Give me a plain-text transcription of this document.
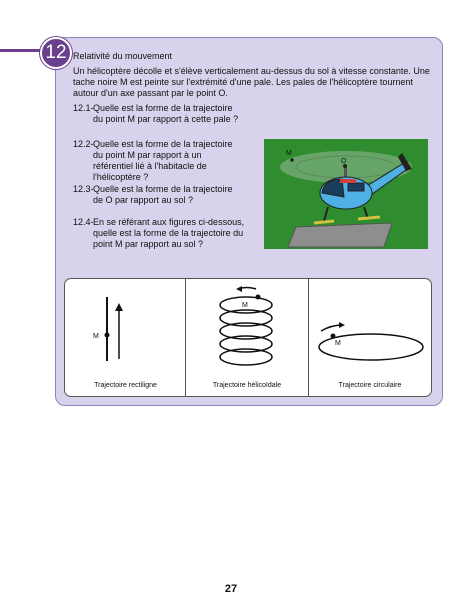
12 Relativité du mouvement
Un hélicoptère décolle et s'élève verticalement au-dessus du sol à vitesse constante. Une tache noire M est peinte sur l'extrémité d'une pale. Les pales de l'hélicoptère tournent autour d'un axe passant par le point O.
12.1-Quelle est la forme de la trajectoire
du point M par rapport à cette pale ?
12.2-Quelle est la forme de la trajectoire
du point M par rapport à un référentiel lié à l'habitacle de l'hélicoptère ?
12.3-Quelle est la forme de la trajectoire
de O par rapport au sol ?
12.4-En se référant aux figures ci-dessous,
quelle est la forme de la trajectoire du point M par rapport au sol ?
O
M
M
Trajectoire rectiligne
M
Trajectoire hélicoïdale
M
Trajectoire circulaire
27
